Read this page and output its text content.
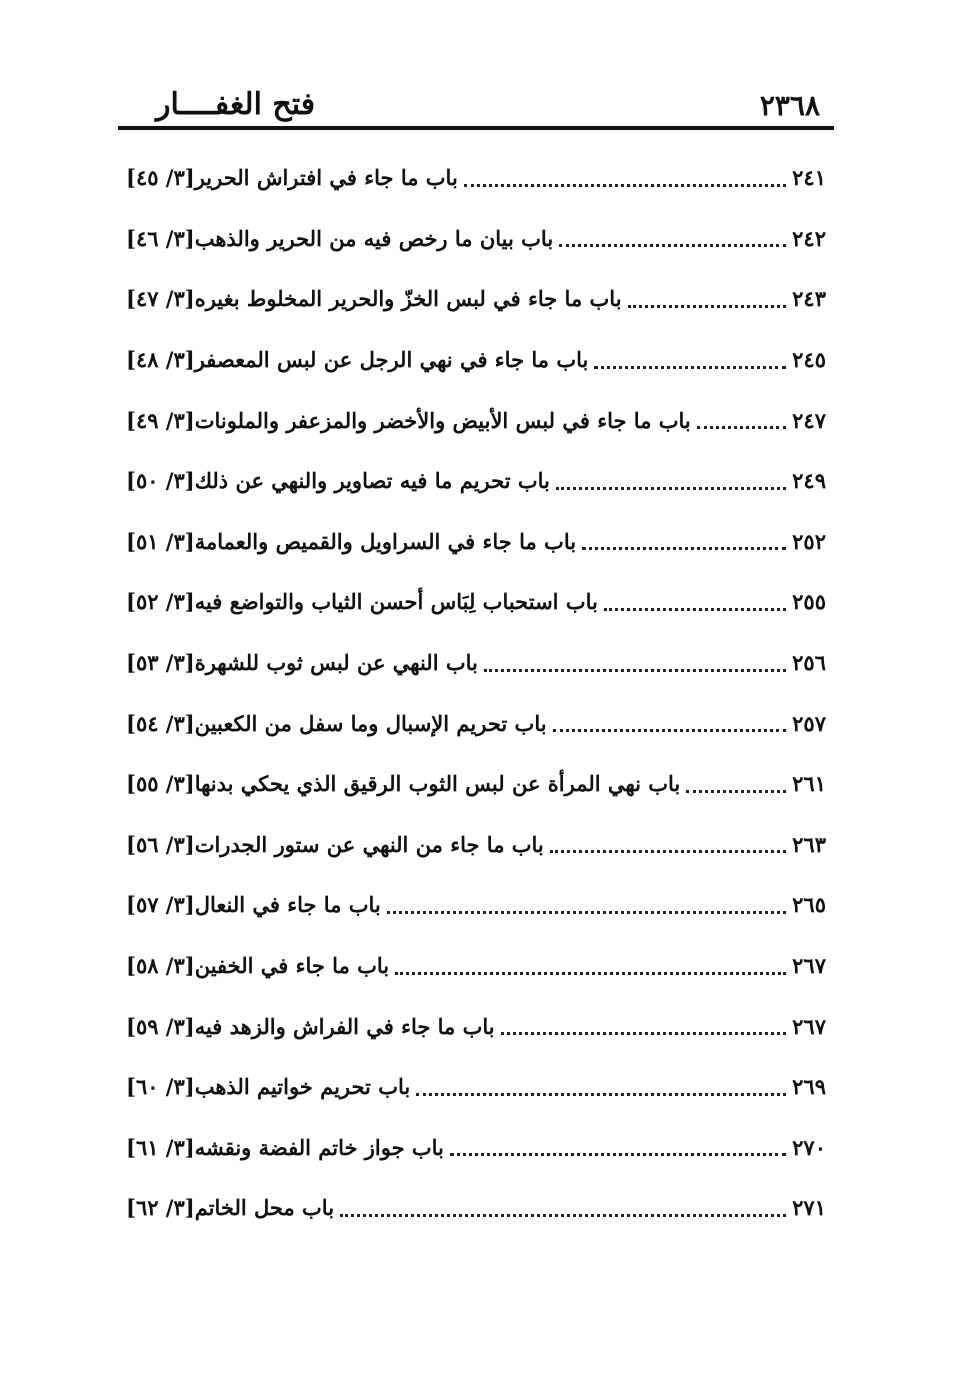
٢٣٦٨
فتح الغفــــار
[٣/ ٤٥] باب ما جاء في افتراش الحرير	٢٤١
[٣/ ٤٦] باب بيان ما رخص فيه من الحرير والذهب	٢٤٢
[٣/ ٤٧] باب ما جاء في لبس الخزّ والحرير المخلوط بغيره	٢٤٣
[٣/ ٤٨] باب ما جاء في نهي الرجل عن لبس المعصفر	٢٤٥
[٣/ ٤٩] باب ما جاء في لبس الأبيض والأخضر والمزعفر والملونات	٢٤٧
[٣/ ٥٠] باب تحريم ما فيه تصاوير والنهي عن ذلك	٢٤٩
[٣/ ٥١] باب ما جاء في السراويل والقميص والعمامة	٢٥٢
[٣/ ٥٢] باب استحباب لِبَاس أحسن الثياب والتواضع فيه	٢٥٥
[٣/ ٥٣] باب النهي عن لبس ثوب للشهرة	٢٥٦
[٣/ ٥٤] باب تحريم الإسبال وما سفل من الكعبين	٢٥٧
[٣/ ٥٥] باب نهي المرأة عن لبس الثوب الرقيق الذي يحكي بدنها	٢٦١
[٣/ ٥٦] باب ما جاء من النهي عن ستور الجدرات	٢٦٣
[٣/ ٥٧] باب ما جاء في النعال	٢٦٥
[٣/ ٥٨] باب ما جاء في الخفين	٢٦٧
[٣/ ٥٩] باب ما جاء في الفراش والزهد فيه	٢٦٧
[٣/ ٦٠] باب تحريم خواتيم الذهب	٢٦٩
[٣/ ٦١] باب جواز خاتم الفضة ونقشه	٢٧٠
[٣/ ٦٢] باب محل الخاتم	٢٧١
